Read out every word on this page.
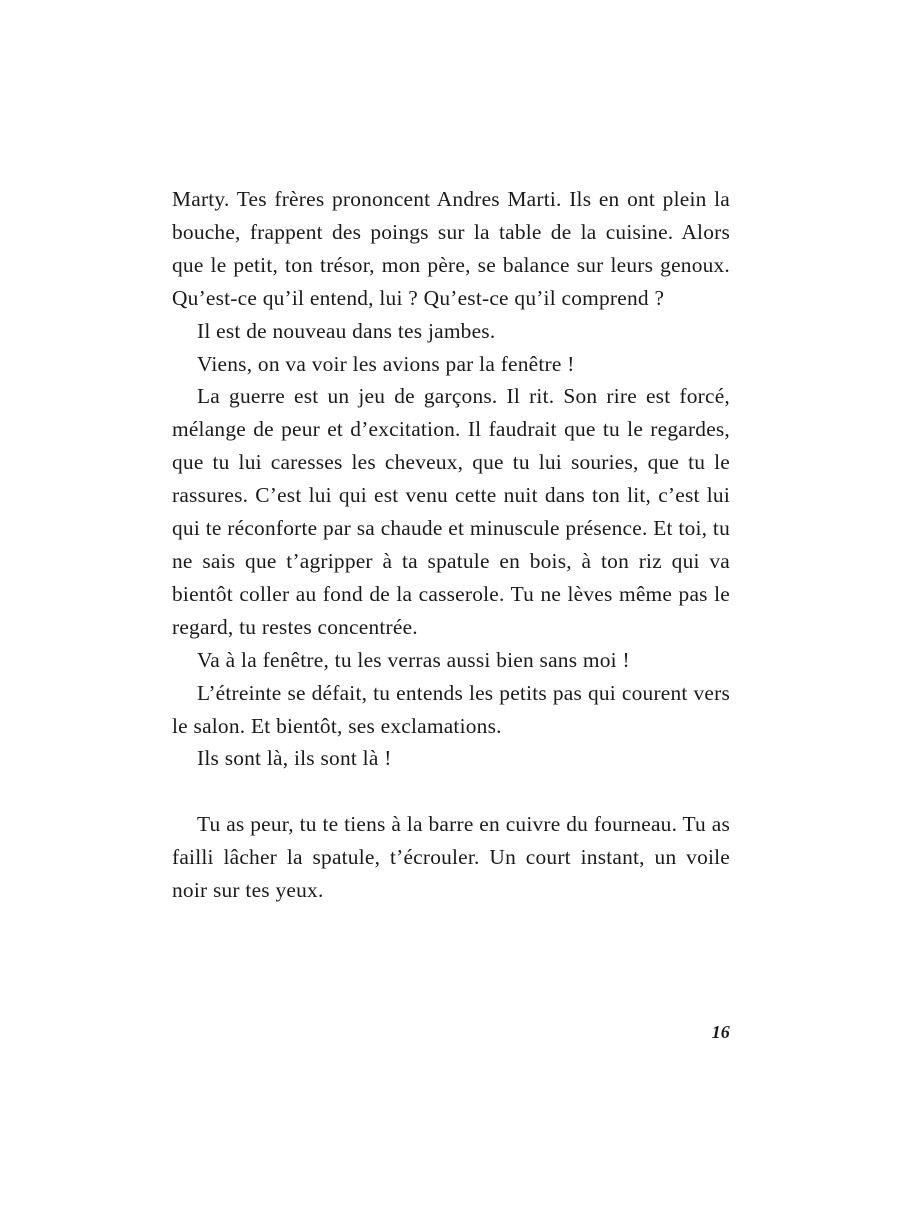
Marty. Tes frères prononcent Andres Marti. Ils en ont plein la bouche, frappent des poings sur la table de la cuisine. Alors que le petit, ton trésor, mon père, se balance sur leurs genoux. Qu’est-ce qu’il entend, lui ? Qu’est-ce qu’il comprend ?

Il est de nouveau dans tes jambes.

Viens, on va voir les avions par la fenêtre !

La guerre est un jeu de garçons. Il rit. Son rire est forcé, mélange de peur et d’excitation. Il faudrait que tu le regardes, que tu lui caresses les cheveux, que tu lui souries, que tu le rassures. C’est lui qui est venu cette nuit dans ton lit, c’est lui qui te réconforte par sa chaude et minuscule présence. Et toi, tu ne sais que t’agripper à ta spatule en bois, à ton riz qui va bientôt coller au fond de la casserole. Tu ne lèves même pas le regard, tu restes concentrée.

Va à la fenêtre, tu les verras aussi bien sans moi !

L’étreinte se défait, tu entends les petits pas qui courent vers le salon. Et bientôt, ses exclamations.

Ils sont là, ils sont là !

Tu as peur, tu te tiens à la barre en cuivre du fourneau. Tu as failli lâcher la spatule, t’écrouler. Un court instant, un voile noir sur tes yeux.

16
